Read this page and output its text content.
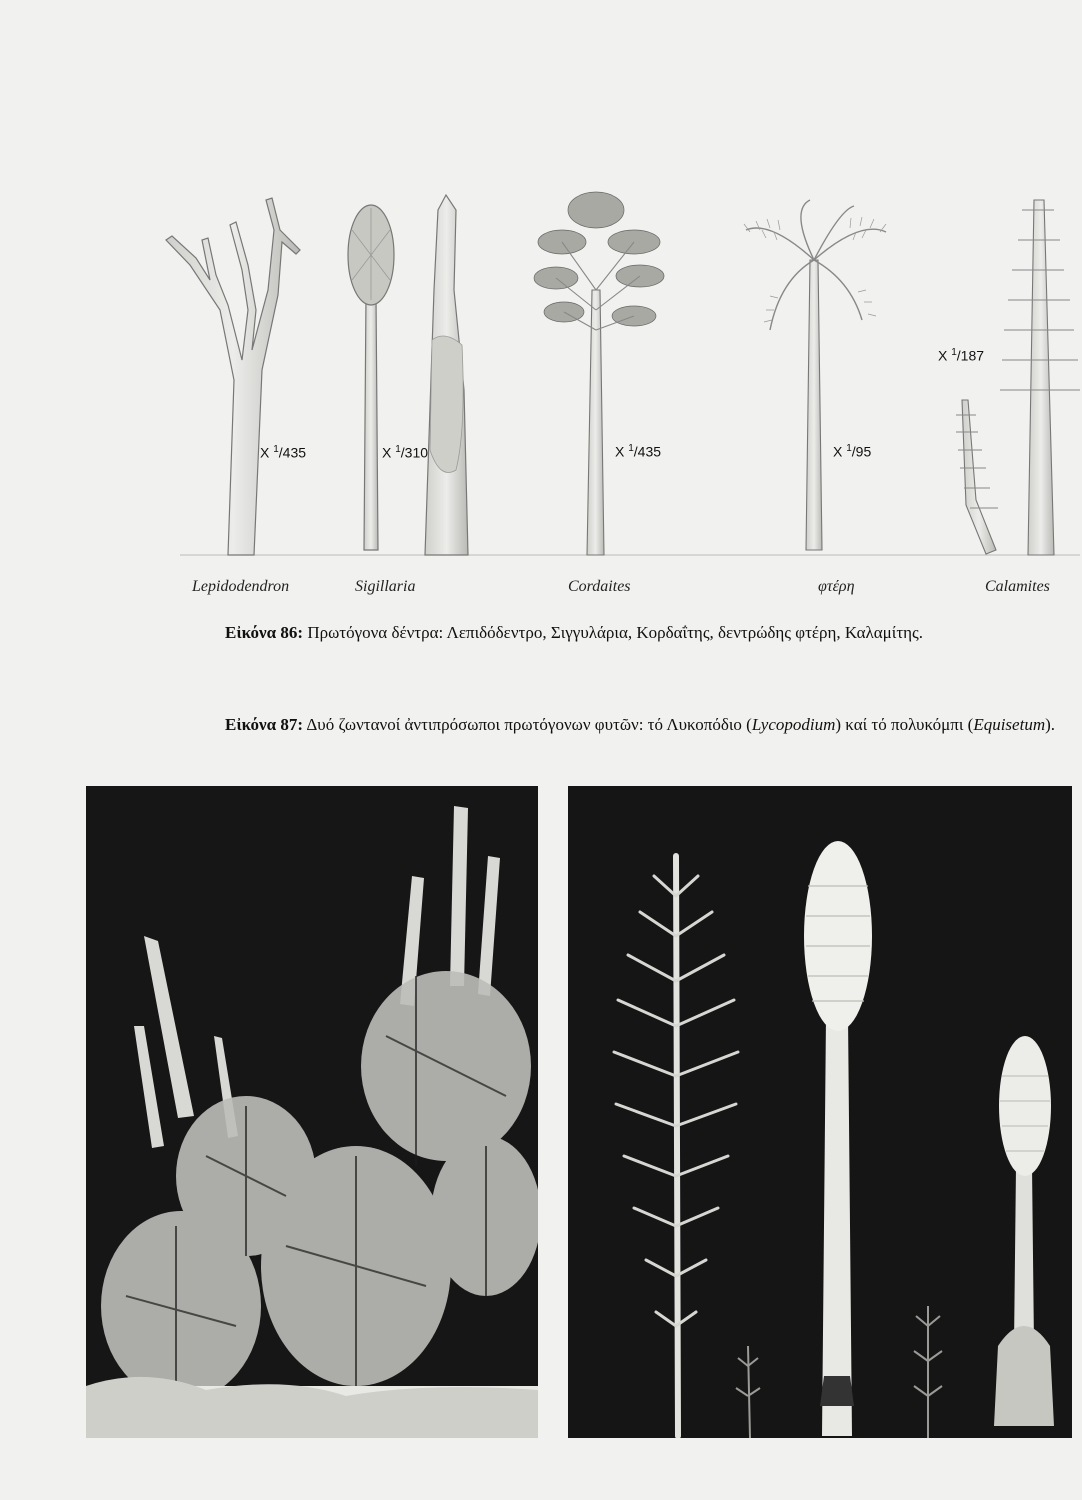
X $^1$/435	X $^1$/310	X $^1$/435	X $^1$/95
X $^1$/187
Lepidodendron	Sigillaria	Cordaites	φτέρη	Calamites
Εἰκόνα 86: Πρωτόγονα δέντρα: Λεπιδόδεντρο, Σιγγυλάρια, Κορδαΐτης, δεντρώδης φτέρη, Καλαμίτης.
Εἰκόνα 87: Δυό ζωντανοί ἀντιπρόσωποι πρωτόγονων φυτῶν: τό Λυκοπόδιο (Lycopodium) καί τό πολυκόμπι (Equisetum).
